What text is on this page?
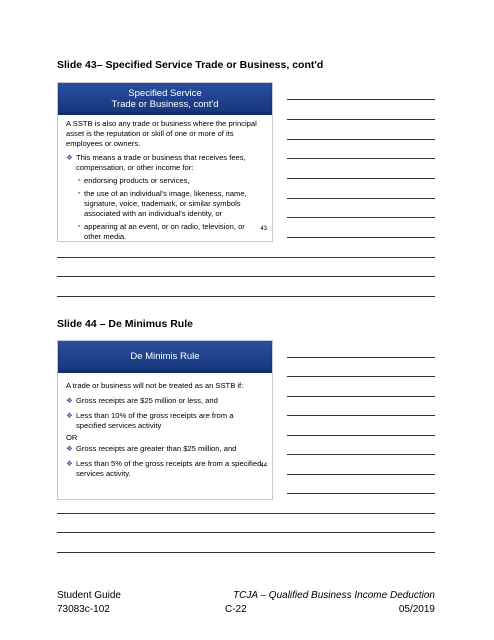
Slide 43– Specified Service Trade or Business, cont'd
Specified Service
Trade or Business, cont'd

A SSTB is also any trade or business where the principal asset is the reputation or skill of one or more of its employees or owners.

❖ This means a trade or business that receives fees, compensation, or other income for:
▪ endorsing products or services,
▪ the use of an individual's image, likeness, name, signature, voice, trademark, or similar symbols associated with an individual's identity, or
▪ appearing at an event, or on radio, television, or other media.
43
Slide 44 – De Minimus Rule
De Minimis Rule

A trade or business will not be treated as an SSTB if:

❖ Gross receipts are $25 million or less, and
❖ Less than 10% of the gross receipts are from a specified services activity

OR

❖ Gross receipts are greater than $25 million, and
❖ Less than 5% of the gross receipts are from a specified services activity.
44
Student Guide
73083c-102
TCJA – Qualified Business Income Deduction
C-22	05/2019
